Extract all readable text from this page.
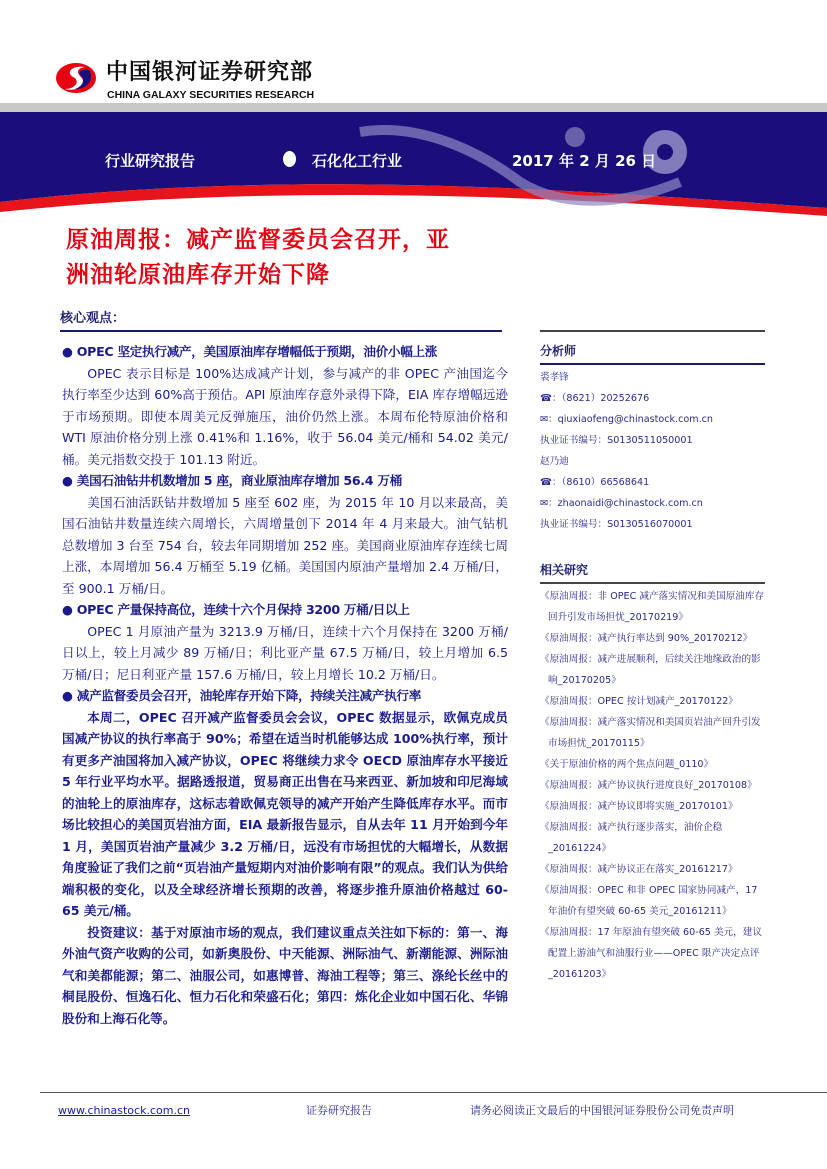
中国银河证券研究部
CHINA GALAXY SECURITIES RESEARCH
行业研究报告	石化化工行业	2017 年 2 月 26 日
原油周报：减产监督委员会召开，亚
洲油轮原油库存开始下降
核心观点：
● OPEC 坚定执行减产，美国原油库存增幅低于预期，油价小幅上涨

OPEC 表示目标是 100%达成减产计划，参与减产的非 OPEC 产油国迄今执行率至少达到 60%高于预估。API 原油库存意外录得下降，EIA 库存增幅远逊于市场预期。即使本周美元反弹施压，油价仍然上涨。本周布伦特原油价格和 WTI 原油价格分别上涨 0.41%和 1.16%，收于 56.04 美元/桶和 54.02 美元/桶。美元指数交投于 101.13 附近。

● 美国石油钻井机数增加 5 座，商业原油库存增加 56.4 万桶

美国石油活跃钻井数增加 5 座至 602 座，为 2015 年 10 月以来最高，美国石油钻井数量连续六周增长，六周增量创下 2014 年 4 月来最大。油气钻机总数增加 3 台至 754 台，较去年同期增加 252 座。美国商业原油库存连续七周上涨，本周增加 56.4 万桶至 5.19 亿桶。美国国内原油产量增加 2.4 万桶/日，至 900.1 万桶/日。

● OPEC 产量保持高位，连续十六个月保持 3200 万桶/日以上

OPEC 1 月原油产量为 3213.9 万桶/日，连续十六个月保持在 3200 万桶/日以上，较上月减少 89 万桶/日；利比亚产量 67.5 万桶/日，较上月增加 6.5 万桶/日；尼日利亚产量 157.6 万桶/日，较上月增长 10.2 万桶/日。

● 减产监督委员会召开，油轮库存开始下降，持续关注减产执行率

本周二，OPEC 召开减产监督委员会会议，OPEC 数据显示，欧佩克成员国减产协议的执行率高于 90%；希望在适当时机能够达成 100%执行率，预计有更多产油国将加入减产协议，OPEC 将继续力求令 OECD 原油库存水平接近 5 年行业平均水平。据路透报道，贸易商正出售在马来西亚、新加坡和印尼海域的油轮上的原油库存，这标志着欧佩克领导的减产开始产生降低库存水平。而市场比较担心的美国页岩油方面，EIA 最新报告显示，自从去年 11 月开始到今年 1 月，美国页岩油产量减少 3.2 万桶/日，远没有市场担忧的大幅增长，从数据角度验证了我们之前“页岩油产量短期内对油价影响有限”的观点。我们认为供给端积极的变化，以及全球经济增长预期的改善，将逐步推升原油价格越过 60-65 美元/桶。

投资建议：基于对原油市场的观点，我们建议重点关注如下标的：第一、海外油气资产收购的公司，如新奥股份、中天能源、洲际油气、新潮能源、洲际油气和美都能源；第二、油服公司，如惠博普、海油工程等；第三、涤纶长丝中的桐昆股份、恒逸石化、恒力石化和荣盛石化；第四：炼化企业如中国石化、华锦股份和上海石化等。

分析师
裘孝锋
☎：（8621）20252676
✉：qiuxiaofeng@chinastock.com.cn
执业证书编号：S0130511050001
赵乃迪
☎：（8610）66568641
✉：zhaonaidi@chinastock.com.cn
执业证书编号：S0130516070001
相关研究
《原油周报：非 OPEC 减产落实情况和美国原油库存回升引发市场担忧_20170219》
《原油周报：减产执行率达到 90%_20170212》
《原油周报：减产进展顺利，后续关注地缘政治的影响_20170205》
《原油周报：OPEC 按计划减产_20170122》
《原油周报：减产落实情况和美国页岩油产回升引发市场担忧_20170115》
《关于原油价格的两个焦点问题_0110》
《原油周报：减产协议执行进度良好_20170108》
《原油周报：减产协议即将实施_20170101》
《原油周报：减产执行逐步落实，油价企稳_20161224》
《原油周报：减产协议正在落实_20161217》
《原油周报：OPEC 和非 OPEC 国家协同减产，17 年油价有望突破 60-65 美元_20161211》
《原油周报：17 年原油有望突破 60-65 美元，建议配置上游油气和油服行业——OPEC 限产决定点评_20161203》
www.chinastock.com.cn	证券研究报告	请务必阅读正文最后的中国银河证券股份公司免责声明
